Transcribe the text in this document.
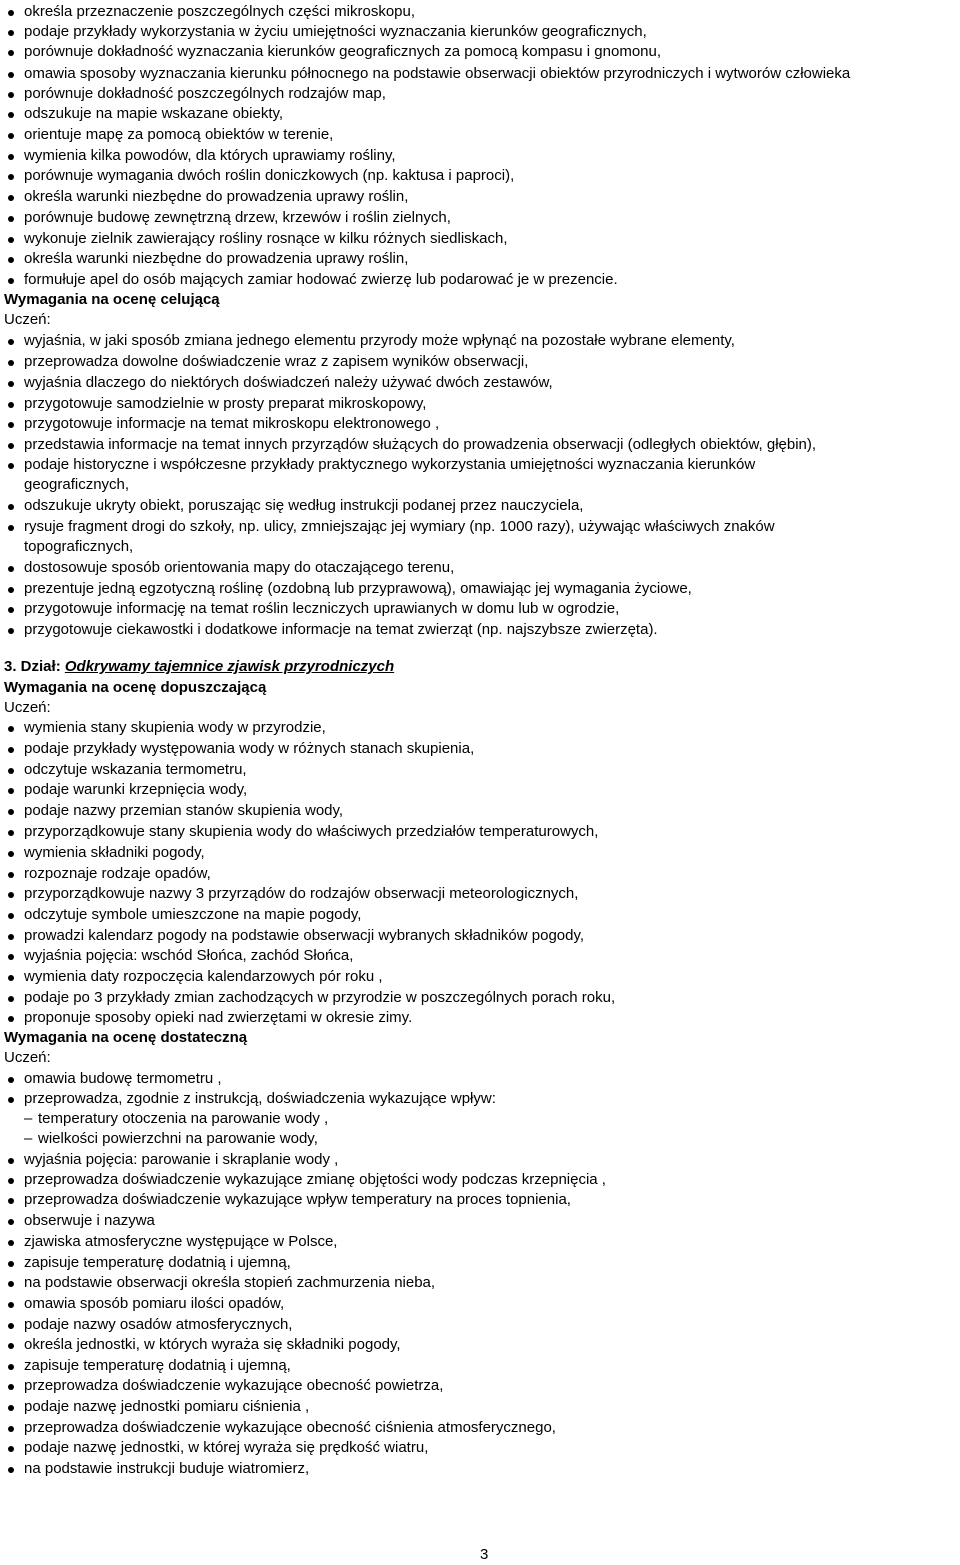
określa przeznaczenie poszczególnych części mikroskopu,
podaje przykłady wykorzystania w życiu umiejętności wyznaczania kierunków geograficznych,
porównuje dokładność wyznaczania kierunków geograficznych za pomocą kompasu i gnomonu,
omawia sposoby wyznaczania kierunku północnego na podstawie obserwacji obiektów przyrodniczych i wytworów człowieka
porównuje dokładność poszczególnych rodzajów map,
odszukuje na mapie wskazane obiekty,
orientuje mapę za pomocą obiektów w terenie,
wymienia kilka powodów, dla których uprawiamy rośliny,
porównuje wymagania dwóch roślin doniczkowych (np. kaktusa i paproci),
określa warunki niezbędne do prowadzenia uprawy roślin,
porównuje budowę zewnętrzną drzew, krzewów i roślin zielnych,
wykonuje zielnik zawierający rośliny rosnące w kilku różnych siedliskach,
określa warunki niezbędne do prowadzenia uprawy roślin,
formułuje apel do osób mających zamiar hodować zwierzę lub podarować je w prezencie.
Wymagania na ocenę celującą
Uczeń:
wyjaśnia, w jaki sposób zmiana jednego elementu przyrody może wpłynąć na pozostałe wybrane elementy,
przeprowadza dowolne doświadczenie wraz z zapisem wyników obserwacji,
wyjaśnia dlaczego do niektórych doświadczeń należy używać dwóch zestawów,
przygotowuje samodzielnie w prosty preparat mikroskopowy,
przygotowuje informacje na temat mikroskopu elektronowego ,
przedstawia informacje na temat innych przyrządów służących do prowadzenia obserwacji (odległych obiektów, głębin),
podaje historyczne i współczesne przykłady praktycznego wykorzystania umiejętności wyznaczania kierunków
geograficznych,
odszukuje ukryty obiekt, poruszając się według instrukcji podanej przez nauczyciela,
rysuje fragment drogi do szkoły, np. ulicy, zmniejszając jej wymiary (np. 1000 razy), używając właściwych znaków
topograficznych,
dostosowuje sposób orientowania mapy do otaczającego terenu,
prezentuje jedną egzotyczną roślinę (ozdobną lub przyprawową), omawiając jej wymagania życiowe,
przygotowuje informację na temat roślin leczniczych uprawianych w domu lub w ogrodzie,
przygotowuje ciekawostki i dodatkowe informacje na temat zwierząt (np. najszybsze zwierzęta).
3. Dział: Odkrywamy tajemnice zjawisk przyrodniczych
Wymagania na ocenę dopuszczającą
Uczeń:
wymienia stany skupienia wody w przyrodzie,
podaje przykłady występowania wody w różnych stanach skupienia,
odczytuje wskazania termometru,
podaje warunki krzepnięcia wody,
podaje nazwy przemian stanów skupienia wody,
przyporządkowuje stany skupienia wody do właściwych przedziałów temperaturowych,
wymienia składniki pogody,
rozpoznaje rodzaje opadów,
przyporządkowuje nazwy 3 przyrządów do rodzajów obserwacji meteorologicznych,
odczytuje symbole umieszczone na mapie pogody,
prowadzi kalendarz pogody na podstawie obserwacji wybranych składników pogody,
wyjaśnia pojęcia: wschód Słońca, zachód Słońca,
wymienia daty rozpoczęcia kalendarzowych pór roku ,
podaje po 3 przykłady zmian zachodzących w przyrodzie w poszczególnych porach roku,
proponuje sposoby opieki nad zwierzętami w okresie zimy.
Wymagania na ocenę dostateczną
Uczeń:
omawia budowę termometru ,
przeprowadza, zgodnie z instrukcją, doświadczenia wykazujące wpływ:
– temperatury otoczenia na parowanie wody ,
– wielkości powierzchni na parowanie wody,
wyjaśnia pojęcia: parowanie i skraplanie wody ,
przeprowadza doświadczenie wykazujące zmianę objętości wody podczas krzepnięcia ,
przeprowadza doświadczenie wykazujące wpływ temperatury na proces topnienia,
obserwuje i nazywa
zjawiska atmosferyczne występujące w Polsce,
zapisuje temperaturę dodatnią i ujemną,
na podstawie obserwacji określa stopień zachmurzenia nieba,
omawia sposób pomiaru ilości opadów,
podaje nazwy osadów atmosferycznych,
określa jednostki, w których wyraża się składniki pogody,
zapisuje temperaturę dodatnią i ujemną,
przeprowadza doświadczenie wykazujące obecność powietrza,
podaje nazwę jednostki pomiaru ciśnienia ,
przeprowadza doświadczenie wykazujące obecność ciśnienia atmosferycznego,
podaje nazwę jednostki, w której wyraża się prędkość wiatru,
na podstawie instrukcji buduje wiatromierz,
3
